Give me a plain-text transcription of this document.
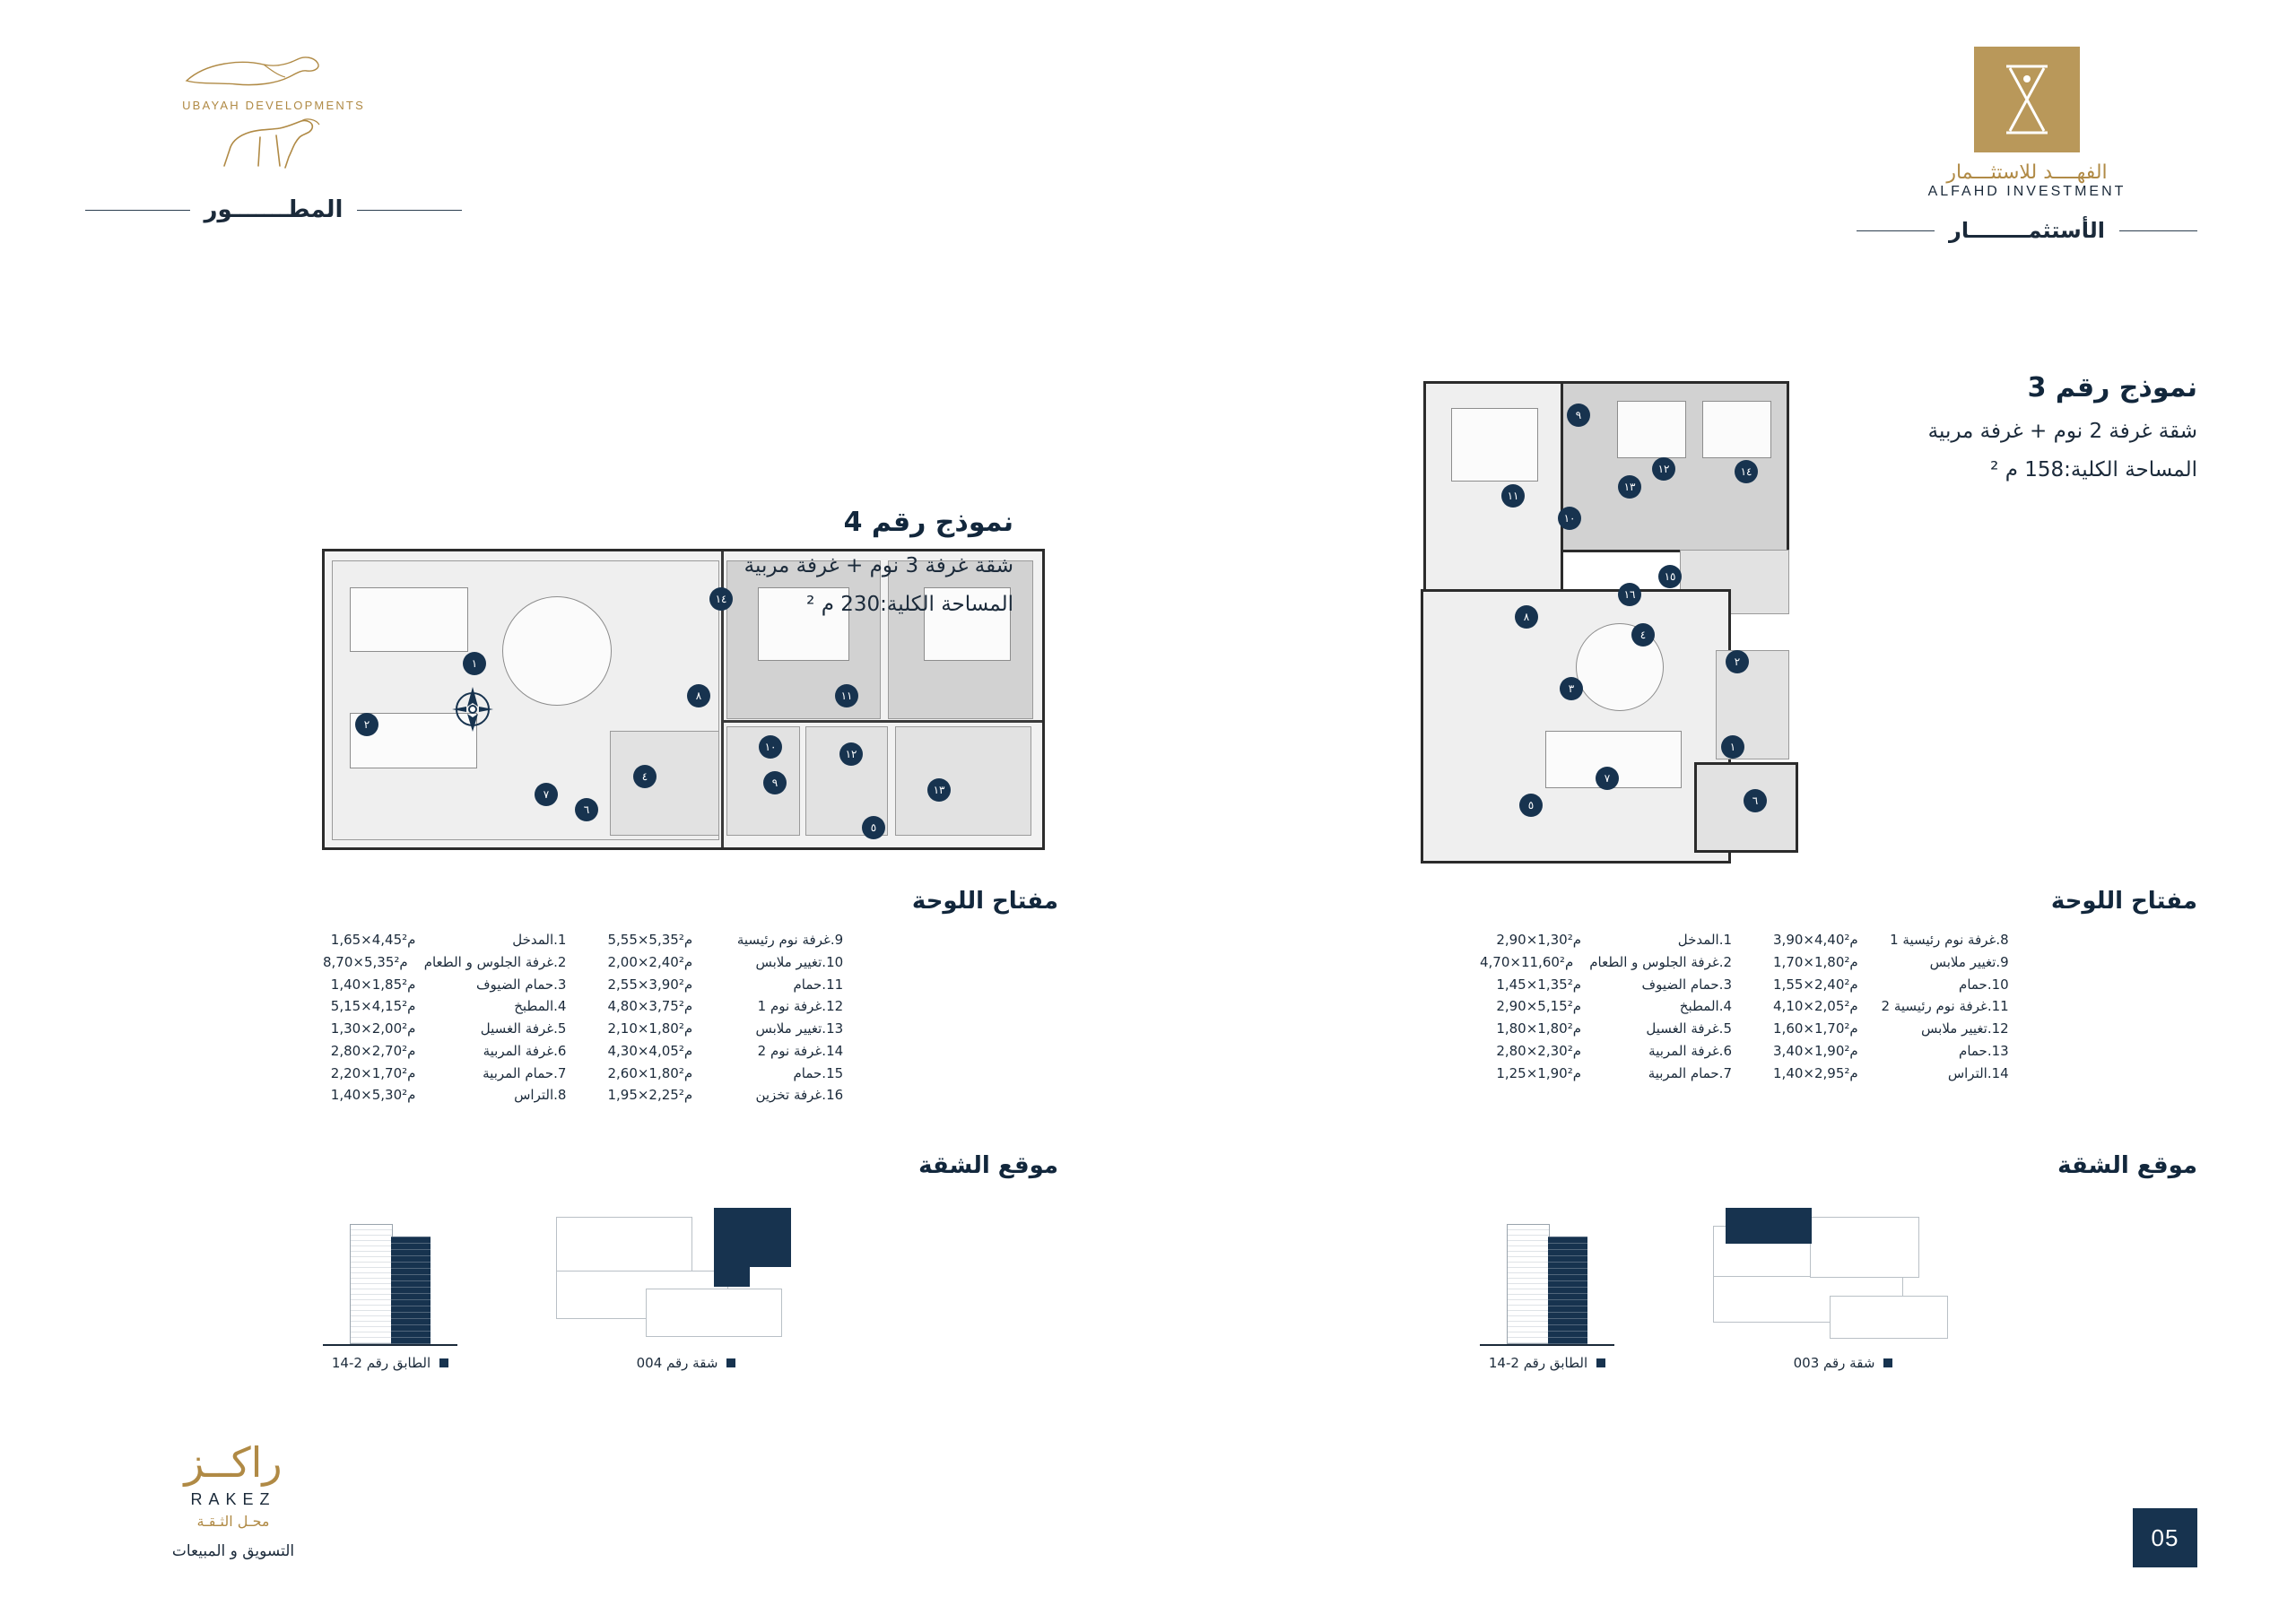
UBAYAH DEVELOPMENTS
المطـــــــور
الفهــــد للاستثـــمار
ALFAHD INVESTMENT
الأستثمــــــــار
نموذج رقم 3
شقة غرفة 2 نوم + غرفة مربية
المساحة الكلية:158 م ²
١١
٨
١٢
١٠
٩
١٣
٥
٤
٦
٧
١
٢
١٤
مفتاح اللوحة
8.غرفة نوم رئيسية 1
3,90×4,40م²
9.تغيير ملابس
1,70×1,80م²
10.حمام
1,55×2,40م²
11.غرفة نوم رئيسية 2
4,10×2,05م²
12.تغيير ملابس
1,60×1,70م²
13.حمام
3,40×1,90م²
14.التراس
1,40×2,95م²
1.المدخل
2,90×1,30م²
2.غرفة الجلوس و الطعام
4,70×11,60م²
3.حمام الضيوف
1,45×1,35م²
4.المطبخ
2,90×5,15م²
5.غرفة الغسيل
1,80×1,80م²
6.غرفة المربية
2,80×2,30م²
7.حمام المربية
1,25×1,90م²
موقع الشقة
شقة رقم 003
الطابق رقم 2-14
نموذج رقم 4
شقة غرفة 3 نوم + غرفة مربية
المساحة الكلية:230 م ²
٩
١٢	١٤
١٣
١٠
١١
١٥
١٦
٨
٤
٣
٢
١
٦
٧
٥
مفتاح اللوحة
9.غرفة نوم رئيسية
5,55×5,35م²
10.تغيير ملابس
2,00×2,40م²
11.حمام
2,55×3,90م²
12.غرفة نوم 1
4,80×3,75م²
13.تغيير ملابس
2,10×1,80م²
14.غرفة نوم 2
4,30×4,05م²
15.حمام
2,60×1,80م²
16.غرفة تخزين
1,95×2,25م²
1.المدخل
1,65×4,45م²
2.غرفة الجلوس و الطعام
8,70×5,35م²
3.حمام الضيوف
1,40×1,85م²
4.المطبخ
5,15×4,15م²
5.غرفة الغسيل
1,30×2,00م²
6.غرفة المربية
2,80×2,70م²
7.حمام المربية
2,20×1,70م²
8.التراس
1,40×5,30م²
موقع الشقة
شقة رقم 004
الطابق رقم 2-14
راكــز
RAKEZ
محـل الثـقـة
التسويق و المبيعات
05
